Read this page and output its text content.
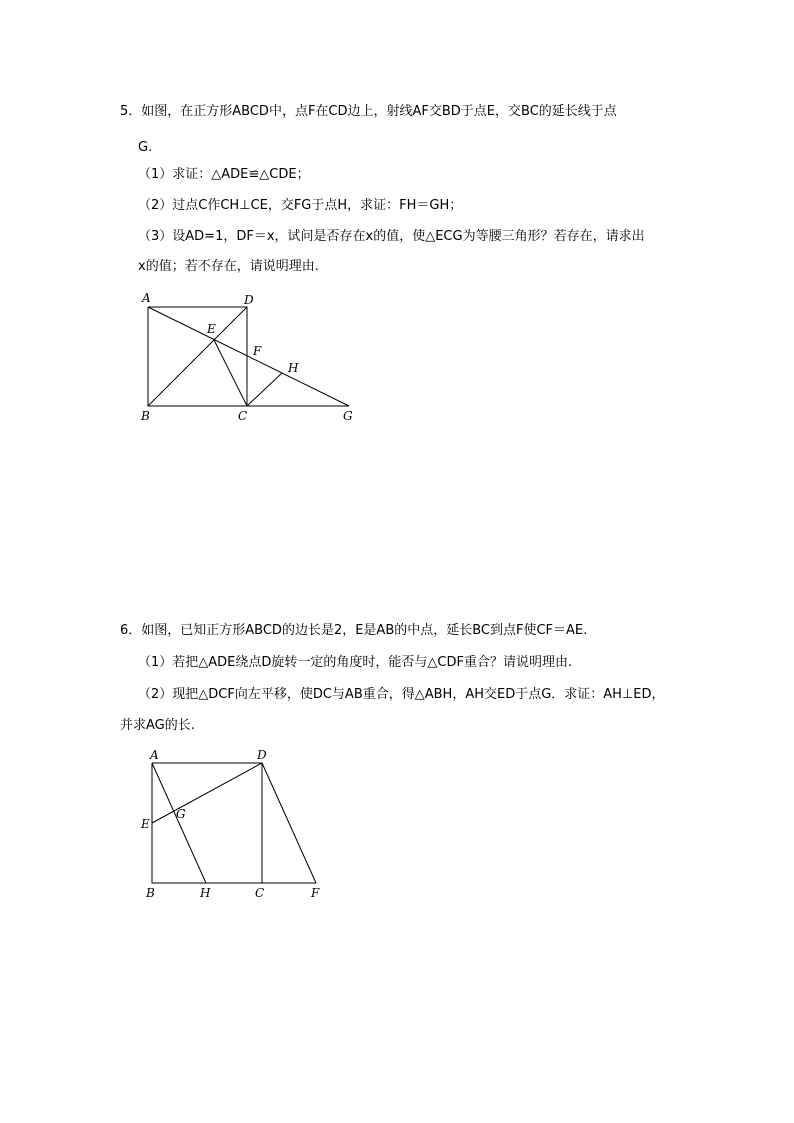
5．如图，在正方形ABCD中，点F在CD边上，射线AF交BD于点E，交BC的延长线于点
G.
（1）求证：△ADE≌△CDE；
（2）过点C作CH⊥CE，交FG于点H，求证：FH＝GH；
（3）设AD=1，DF＝x，试问是否存在x的值，使△ECG为等腰三角形？若存在，请求出
x的值；若不存在，请说明理由.
A	D
E
F
H
B	C	G
6．如图，已知正方形ABCD的边长是2，E是AB的中点，延长BC到点F使CF＝AE.
（1）若把△ADE绕点D旋转一定的角度时，能否与△CDF重合？请说明理由.
（2）现把△DCF向左平移，使DC与AB重合，得△ABH，AH交ED于点G．求证：AH⊥ED，
并求AG的长.
A	D
E
G
B	H	C	F
